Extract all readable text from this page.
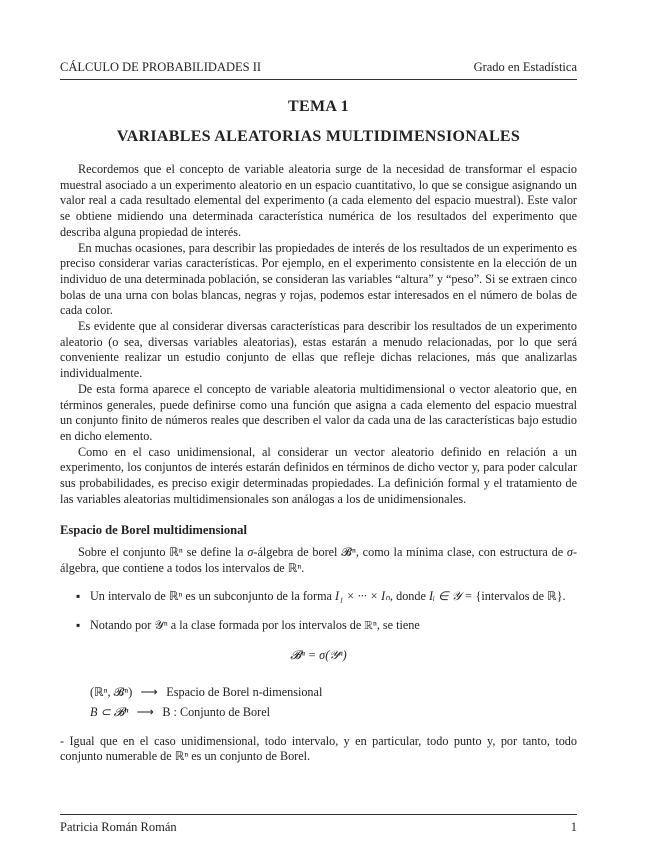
CÁLCULO DE PROBABILIDADES II	Grado en Estadística
TEMA 1
VARIABLES ALEATORIAS MULTIDIMENSIONALES

Recordemos que el concepto de variable aleatoria surge de la necesidad de transformar el espacio muestral asociado a un experimento aleatorio en un espacio cuantitativo, lo que se consigue asignando un valor real a cada resultado elemental del experimento (a cada elemento del espacio muestral). Este valor se obtiene midiendo una determinada característica numérica de los resultados del experimento que describa alguna propiedad de interés.

En muchas ocasiones, para describir las propiedades de interés de los resultados de un experimento es preciso considerar varias características. Por ejemplo, en el experimento consistente en la elección de un individuo de una determinada población, se consideran las variables “altura” y “peso”. Si se extraen cinco bolas de una urna con bolas blancas, negras y rojas, podemos estar interesados en el número de bolas de cada color.

Es evidente que al considerar diversas características para describir los resultados de un experimento aleatorio (o sea, diversas variables aleatorias), estas estarán a menudo relacionadas, por lo que será conveniente realizar un estudio conjunto de ellas que refleje dichas relaciones, más que analizarlas individualmente.

De esta forma aparece el concepto de variable aleatoria multidimensional o vector aleatorio que, en términos generales, puede definirse como una función que asigna a cada elemento del espacio muestral un conjunto finito de números reales que describen el valor da cada una de las características bajo estudio en dicho elemento.

Como en el caso unidimensional, al considerar un vector aleatorio definido en relación a un experimento, los conjuntos de interés estarán definidos en términos de dicho vector y, para poder calcular sus probabilidades, es preciso exigir determinadas propiedades. La definición formal y el tratamiento de las variables aleatorias multidimensionales son análogas a los de unidimensionales.

Espacio de Borel multidimensional

Sobre el conjunto ℝⁿ se define la σ-álgebra de borel 𝓑ⁿ, como la mínima clase, con estructura de σ-álgebra, que contiene a todos los intervalos de ℝⁿ.

▪ Un intervalo de ℝⁿ es un subconjunto de la forma I₁ × ··· × Iₙ, donde Iᵢ ∈ 𝒴 = {intervalos de ℝ}.
▪ Notando por 𝒴ⁿ a la clase formada por los intervalos de ℝⁿ, se tiene
𝓑ⁿ = σ(𝒴ⁿ)
(ℝⁿ, 𝓑ⁿ) ⟶ Espacio de Borel n-dimensional
B ⊂ 𝓑ⁿ ⟶ B : Conjunto de Borel
- Igual que en el caso unidimensional, todo intervalo, y en particular, todo punto y, por tanto, todo conjunto numerable de ℝⁿ es un conjunto de Borel.
Patricia Román Román	1
